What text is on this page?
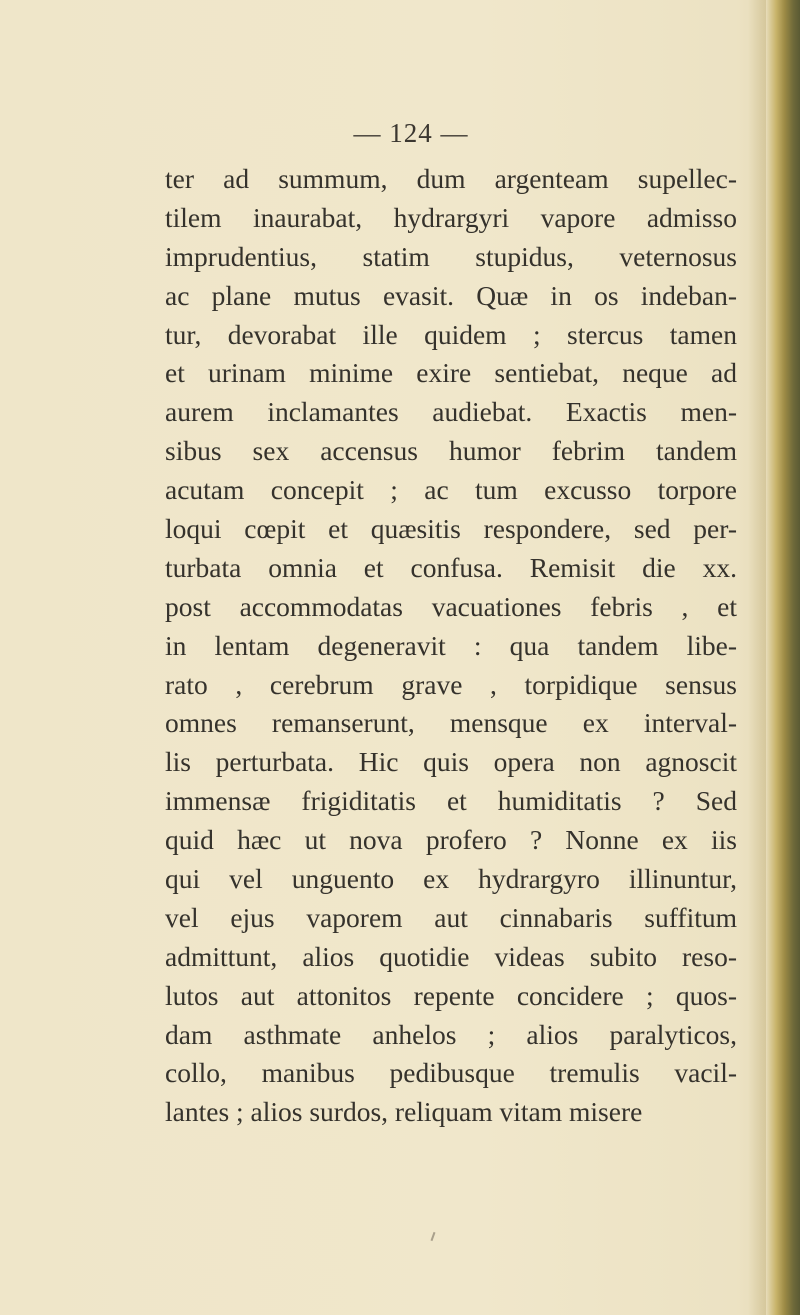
— 124 —

ter ad summum, dum argenteam supellec-
tilem inaurabat, hydrargyri vapore admisso
imprudentius, statim stupidus, veternosus
ac plane mutus evasit. Quæ in os indeban-
tur, devorabat ille quidem ; stercus tamen
et urinam minime exire sentiebat, neque ad
aurem inclamantes audiebat. Exactis men-
sibus sex accensus humor febrim tandem
acutam concepit ; ac tum excusso torpore
loqui cœpit et quæsitis respondere, sed per-
turbata omnia et confusa. Remisit die xx.
post accommodatas vacuationes febris , et
in lentam degeneravit : qua tandem libe-
rato , cerebrum grave , torpidique sensus
omnes remanserunt, mensque ex interval-
lis perturbata. Hic quis opera non agnoscit
immensæ frigiditatis et humiditatis ? Sed
quid hæc ut nova profero ? Nonne ex iis
qui vel unguento ex hydrargyro illinuntur,
vel ejus vaporem aut cinnabaris suffitum
admittunt, alios quotidie videas subito reso-
lutos aut attonitos repente concidere ; quos-
dam asthmate anhelos ; alios paralyticos,
collo, manibus pedibusque tremulis vacil-
lantes ; alios surdos, reliquam vitam misere
